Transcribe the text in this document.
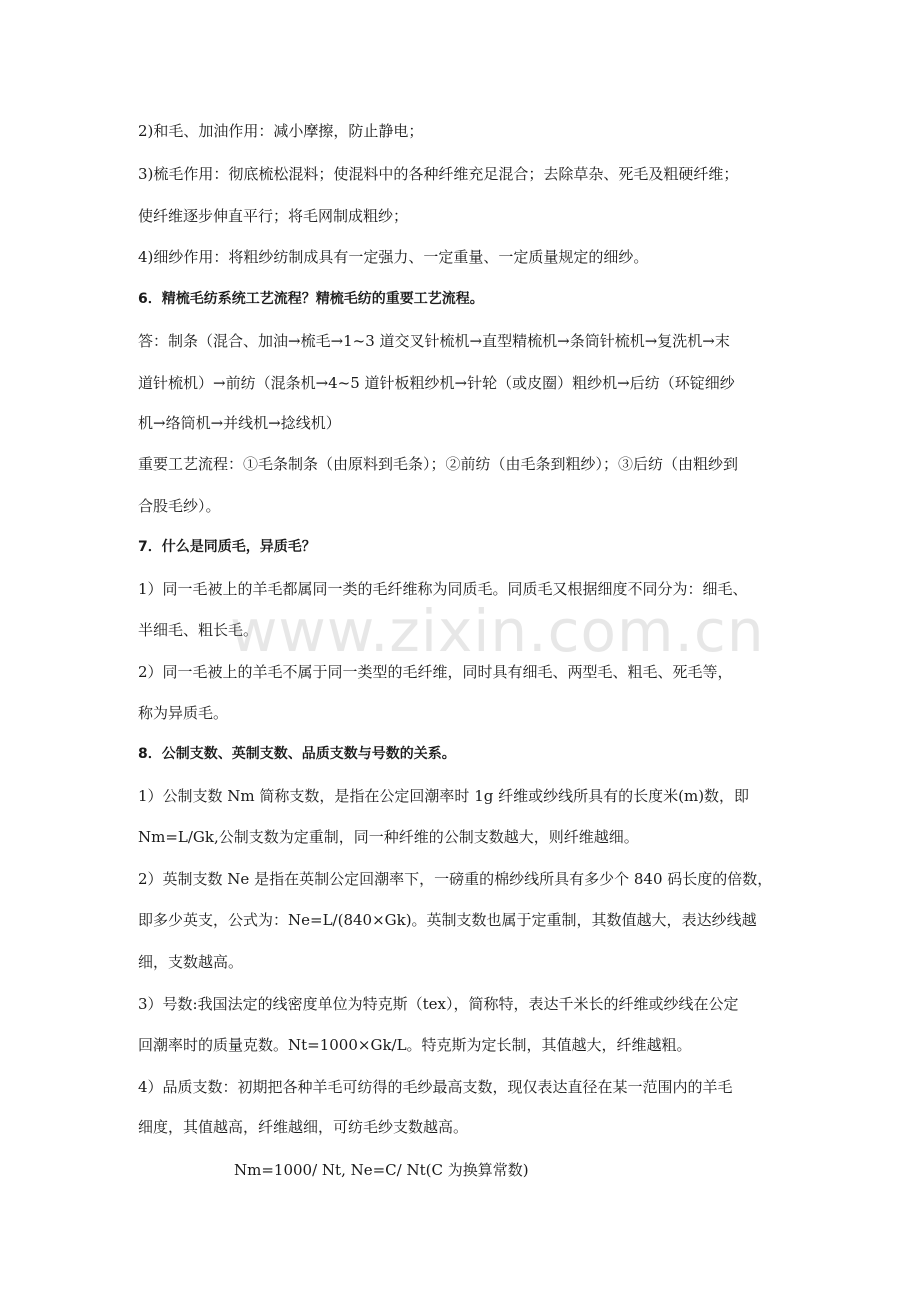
2)和毛、加油作用：减小摩擦，防止静电；
3)梳毛作用：彻底梳松混料；使混料中的各种纤维充足混合；去除草杂、死毛及粗硬纤维；
使纤维逐步伸直平行；将毛网制成粗纱；
4)细纱作用：将粗纱纺制成具有一定强力、一定重量、一定质量规定的细纱。
6．精梳毛纺系统工艺流程？精梳毛纺的重要工艺流程。
答：制条（混合、加油→梳毛→1~3 道交叉针梳机→直型精梳机→条筒针梳机→复洗机→末
道针梳机）→前纺（混条机→4~5 道针板粗纱机→针轮（或皮圈）粗纱机→后纺（环锭细纱
机→络筒机→并线机→捻线机）
重要工艺流程：①毛条制条（由原料到毛条）；②前纺（由毛条到粗纱）；③后纺（由粗纱到
合股毛纱）。
7．什么是同质毛，异质毛？
1）同一毛被上的羊毛都属同一类的毛纤维称为同质毛。同质毛又根据细度不同分为：细毛、
半细毛、粗长毛。
2）同一毛被上的羊毛不属于同一类型的毛纤维，同时具有细毛、两型毛、粗毛、死毛等，
称为异质毛。
8．公制支数、英制支数、品质支数与号数的关系。
1）公制支数 Nm 简称支数，是指在公定回潮率时 1g 纤维或纱线所具有的长度米(m)数，即
Nm=L/Gk,公制支数为定重制，同一种纤维的公制支数越大，则纤维越细。
2）英制支数 Ne 是指在英制公定回潮率下，一磅重的棉纱线所具有多少个 840 码长度的倍数，
即多少英支，公式为：Ne=L/(840×Gk)。英制支数也属于定重制，其数值越大，表达纱线越
细，支数越高。
3）号数:我国法定的线密度单位为特克斯（tex），简称特，表达千米长的纤维或纱线在公定
回潮率时的质量克数。Nt=1000×Gk/L。特克斯为定长制，其值越大，纤维越粗。
4）品质支数：初期把各种羊毛可纺得的毛纱最高支数，现仅表达直径在某一范围内的羊毛
细度，其值越高，纤维越细，可纺毛纱支数越高。
Nm=1000/ Nt, Ne=C/ Nt(C 为换算常数)
www.zixin.com.cn
